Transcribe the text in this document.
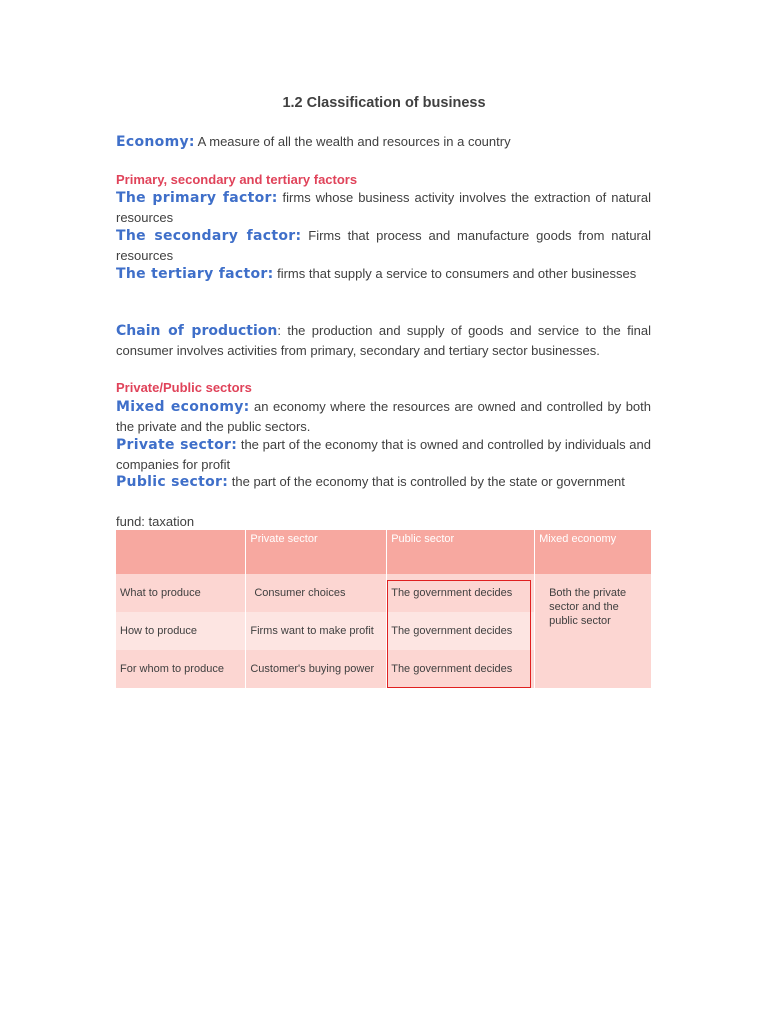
1.2 Classification of business
Economy: A measure of all the wealth and resources in a country
Primary, secondary and tertiary factors
The primary factor: firms whose business activity involves the extraction of natural resources
The secondary factor: Firms that process and manufacture goods from natural resources
The tertiary factor: firms that supply a service to consumers and other businesses
Chain of production: the production and supply of goods and service to the final consumer involves activities from primary, secondary and tertiary sector businesses.
Private/Public sectors
Mixed economy: an economy where the resources are owned and controlled by both the private and the public sectors.
Private sector: the part of the economy that is owned and controlled by individuals and companies for profit
Public sector: the part of the economy that is controlled by the state or government
fund: taxation
	Private sector	Public sector	Mixed economy
What to produce	Consumer choices	The government decides	Both the private sector and the public sector
How to produce	Firms want to make profit	The government decides	
For whom to produce	Customer's buying power	The government decides	
